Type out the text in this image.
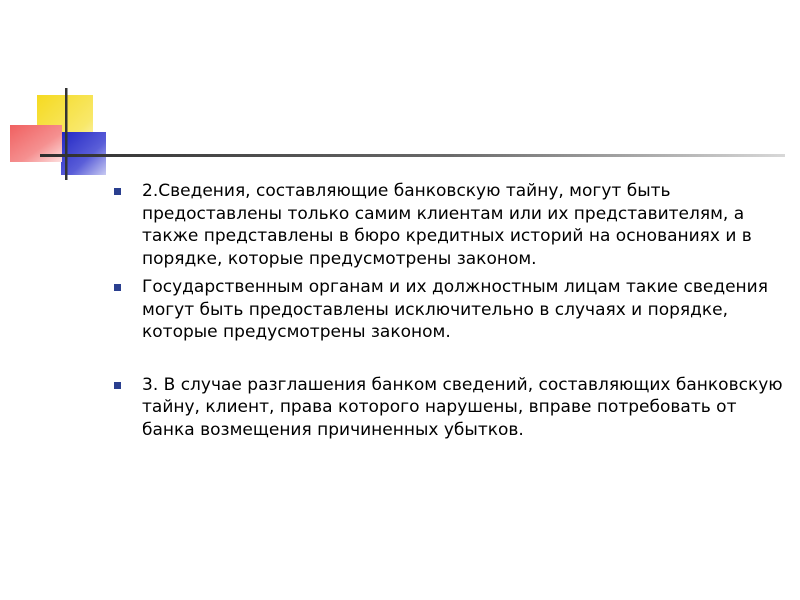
2.Сведения, составляющие банковскую тайну, могут быть предоставлены только самим клиентам или их представителям, а также представлены в бюро кредитных историй на основаниях и в порядке, которые предусмотрены законом.
Государственным органам и их должностным лицам такие сведения могут быть предоставлены исключительно в случаях и порядке, которые предусмотрены законом.
3. В случае разглашения банком сведений, составляющих банковскую тайну, клиент, права которого нарушены, вправе потребовать от банка возмещения причиненных убытков.
